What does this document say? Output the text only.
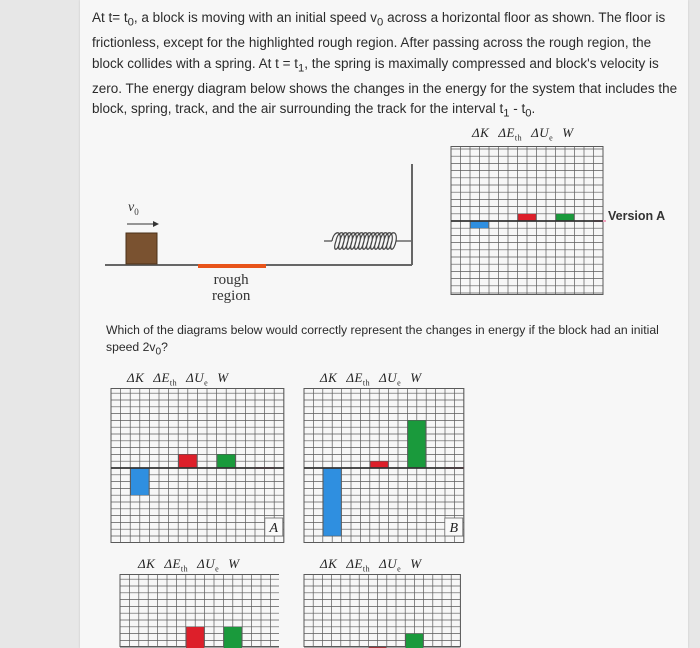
At $t= t_0$, a block is moving with an initial speed $v_0$ across a horizontal floor as shown. The floor is frictionless, except for the highlighted rough region. After passing across the rough region, the block collides with a spring. At $t = t_1$, the spring is maximally compressed and block's velocity is zero. The energy diagram below shows the changes in the energy for the system that includes the block, spring, track, and the air surrounding the track for the interval $t_1 - t_0$.
$v_0$
rough
region
Version A
Which of the diagrams below would correctly represent the changes in energy if the block had an initial speed $2v_0$?
ΔK $\Delta E_{th}$ $\Delta U_e$ W
ΔK $\Delta E_{th}$ $\Delta U_e$ W
A
ΔK $\Delta E_{th}$ $\Delta U_e$ W
B
ΔK $\Delta E_{th}$ $\Delta U_e$ W	ΔK $\Delta E_{th}$ $\Delta U_e$ W
